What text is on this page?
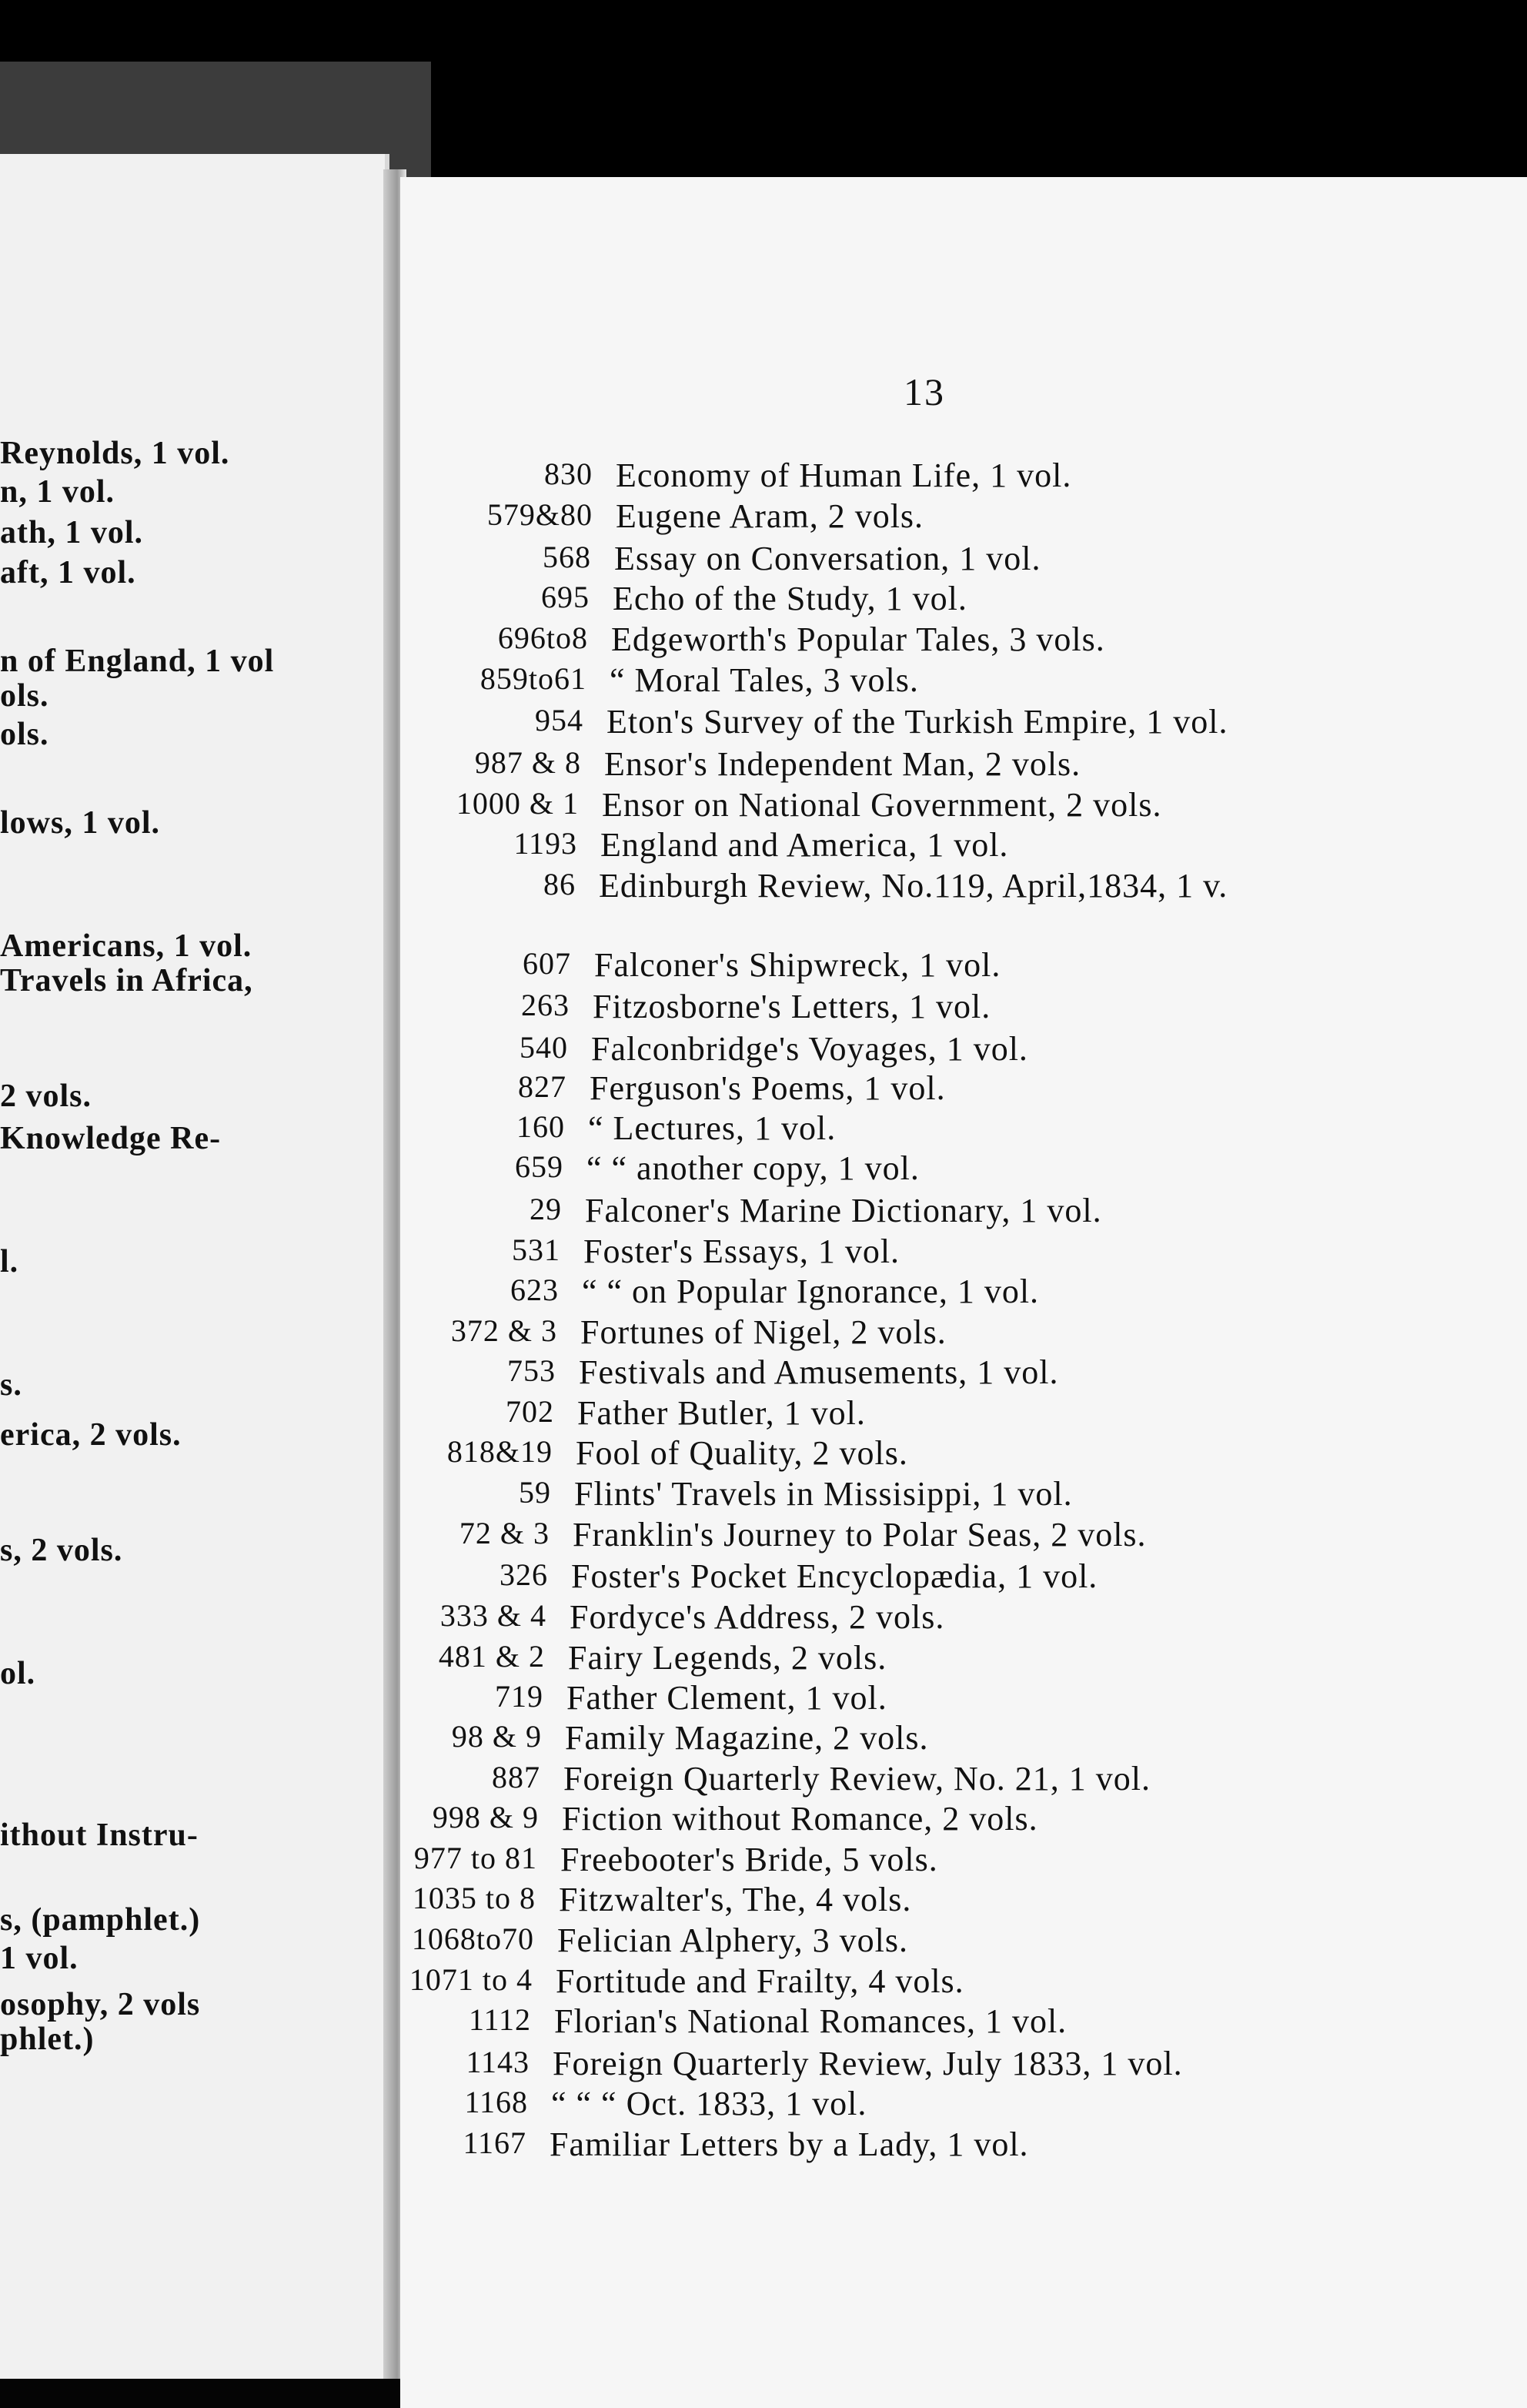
Reynolds, 1 vol.
n, 1 vol.
ath, 1 vol.
aft, 1 vol.
n of England, 1 vol
ols.
ols.
lows, 1 vol.
Americans, 1 vol.
Travels in Africa,
2 vols.
Knowledge Re-
l.
s.
erica, 2 vols.
s, 2 vols.
ol.
ithout Instru-
s, (pamphlet.)
1 vol.
osophy, 2 vols
phlet.)
13
830 Economy of Human Life, 1 vol.
579&80 Eugene Aram, 2 vols.
568 Essay on Conversation, 1 vol.
695 Echo of the Study, 1 vol.
696to8 Edgeworth's Popular Tales, 3 vols.
859to61 “ Moral Tales, 3 vols.
954 Eton's Survey of the Turkish Empire, 1 vol.
987 & 8 Ensor's Independent Man, 2 vols.
1000 & 1 Ensor on National Government, 2 vols.
1193 England and America, 1 vol.
86 Edinburgh Review, No.119, April,1834, 1 v.
607 Falconer's Shipwreck, 1 vol.
263 Fitzosborne's Letters, 1 vol.
540 Falconbridge's Voyages, 1 vol.
827 Ferguson's Poems, 1 vol.
160 “ Lectures, 1 vol.
659 “ “ another copy, 1 vol.
29 Falconer's Marine Dictionary, 1 vol.
531 Foster's Essays, 1 vol.
623 “ “ on Popular Ignorance, 1 vol.
372 & 3 Fortunes of Nigel, 2 vols.
753 Festivals and Amusements, 1 vol.
702 Father Butler, 1 vol.
818&19 Fool of Quality, 2 vols.
59 Flints' Travels in Missisippi, 1 vol.
72 & 3 Franklin's Journey to Polar Seas, 2 vols.
326 Foster's Pocket Encyclopædia, 1 vol.
333 & 4 Fordyce's Address, 2 vols.
481 & 2 Fairy Legends, 2 vols.
719 Father Clement, 1 vol.
98 & 9 Family Magazine, 2 vols.
887 Foreign Quarterly Review, No. 21, 1 vol.
998 & 9 Fiction without Romance, 2 vols.
977 to 81 Freebooter's Bride, 5 vols.
1035 to 8 Fitzwalter's, The, 4 vols.
1068to70 Felician Alphery, 3 vols.
1071 to 4 Fortitude and Frailty, 4 vols.
1112 Florian's National Romances, 1 vol.
1143 Foreign Quarterly Review, July 1833, 1 vol.
1168 “ “ “ Oct. 1833, 1 vol.
1167 Familiar Letters by a Lady, 1 vol.
